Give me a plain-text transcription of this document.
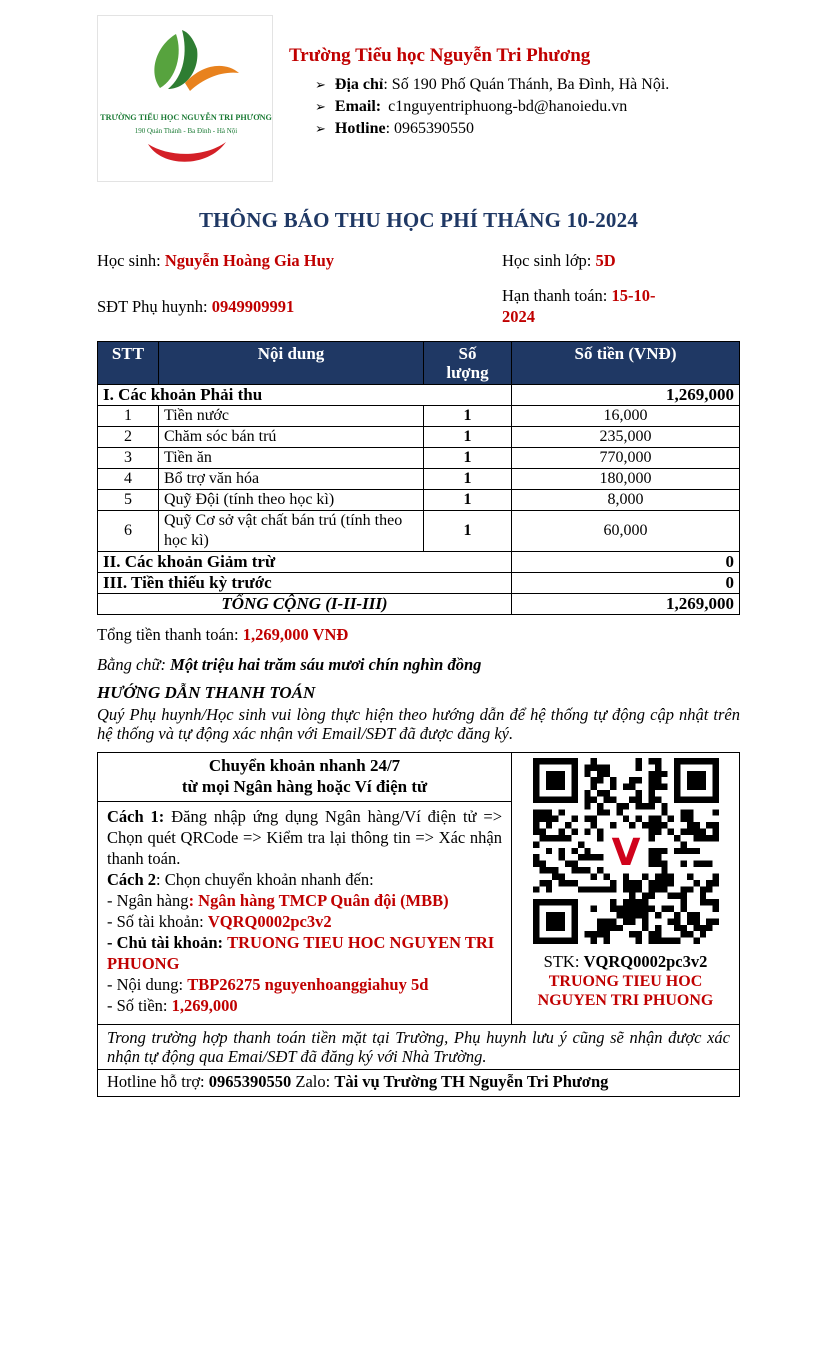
TRƯỜNG TIỂU HỌC NGUYỄN TRI PHƯƠNG
190 Quán Thánh - Ba Đình - Hà Nội
Trường Tiểu học Nguyễn Tri Phương
➢ Địa chỉ: Số 190 Phố Quán Thánh, Ba Đình, Hà Nội.
➢ Email: c1nguyentriphuong-bd@hanoiedu.vn
➢ Hotline: 0965390550
THÔNG BÁO THU HỌC PHÍ THÁNG 10-2024
Học sinh: Nguyễn Hoàng Gia Huy	Học sinh lớp: 5D
SĐT Phụ huynh: 0949909991
Hạn thanh toán: 15-10-2024
STT	Nội dung	Số lượng	Số tiền (VNĐ)
I. Các khoản Phải thu			1,269,000
1	Tiền nước	1	16,000
2	Chăm sóc bán trú	1	235,000
3	Tiền ăn	1	770,000
4	Bổ trợ văn hóa	1	180,000
5	Quỹ Đội (tính theo học kì)	1	8,000
6	Quỹ Cơ sở vật chất bán trú (tính theo học kì)	1	60,000
II. Các khoản Giảm trừ			0
III. Tiền thiếu kỳ trước			0
TỔNG CỘNG (I-II-III)			1,269,000
Tổng tiền thanh toán: 1,269,000 VNĐ
Bằng chữ: Một triệu hai trăm sáu mươi chín nghìn đồng
HƯỚNG DẪN THANH TOÁN
Quý Phụ huynh/Học sinh vui lòng thực hiện theo hướng dẫn để hệ thống tự động cập nhật trên hệ thống và tự động xác nhận với Email/SĐT đã được đăng ký.
Chuyển khoản nhanh 24/7
từ mọi Ngân hàng hoặc Ví điện tử

Cách 1: Đăng nhập ứng dụng Ngân hàng/Ví điện tử => Chọn quét QRCode => Kiểm tra lại thông tin => Xác nhận thanh toán.

Cách 2: Chọn chuyển khoản nhanh đến:

- Ngân hàng: Ngân hàng TMCP Quân đội (MBB)

- Số tài khoản: VQRQ0002pc3v2

- Chủ tài khoản: TRUONG TIEU HOC NGUYEN TRI PHUONG

- Nội dung: TBP26275 nguyenhoanggiahuy 5d

- Số tiền: 1,269,000

V
STK: VQRQ0002pc3v2
TRUONG TIEU HOC
NGUYEN TRI PHUONG
Trong trường hợp thanh toán tiền mặt tại Trường, Phụ huynh lưu ý cũng sẽ nhận được xác nhận tự động qua Emai/SĐT đã đăng ký với Nhà Trường.
Hotline hỗ trợ: 0965390550 Zalo: Tài vụ Trường TH Nguyễn Tri Phương
